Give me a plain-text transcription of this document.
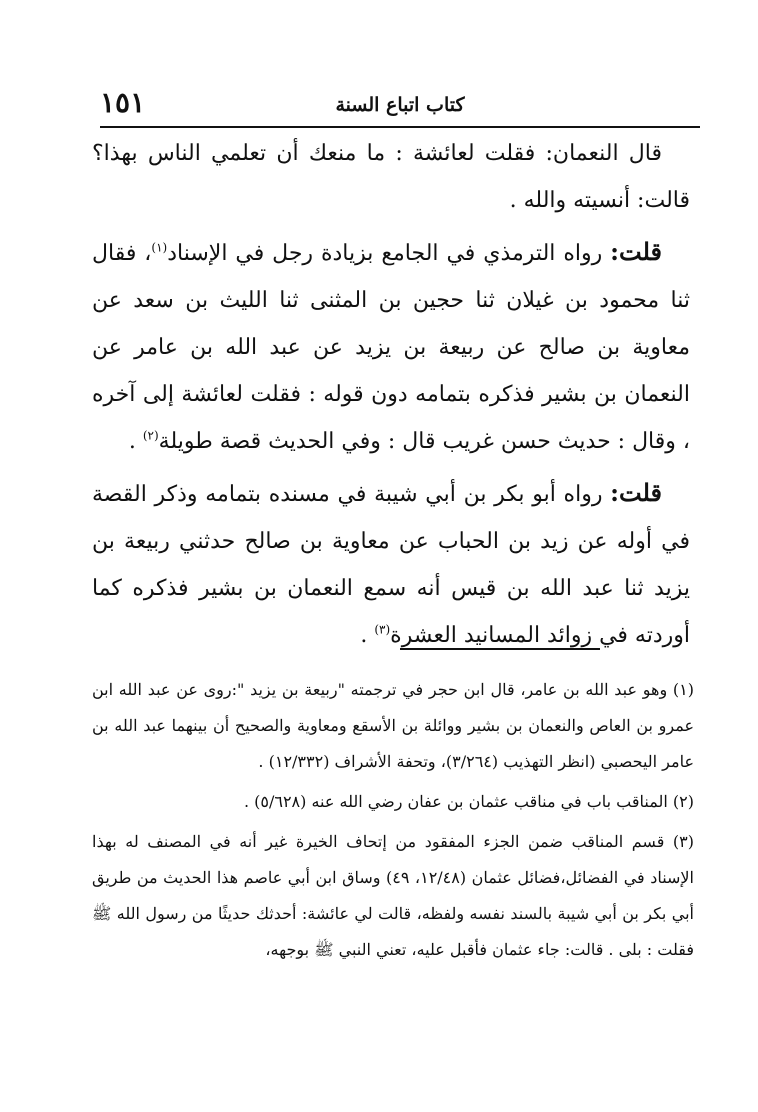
كتاب اتباع السنة
١٥١

قال النعمان: فقلت لعائشة : ما منعك أن تعلمي الناس بهذا؟ قالت: أنسيته والله .

قلت: رواه الترمذي في الجامع بزيادة رجل في الإسناد$^{(١)}$، فقال ثنا محمود بن غيلان ثنا حجين بن المثنى ثنا الليث بن سعد عن معاوية بن صالح عن ربيعة بن يزيد عن عبد الله بن عامر عن النعمان بن بشير فذكره بتمامه دون قوله : فقلت لعائشة إلى آخره ، وقال : حديث حسن غريب قال : وفي الحديث قصة طويلة$^{(٢)}$ .

قلت: رواه أبو بكر بن أبي شيبة في مسنده بتمامه وذكر القصة في أوله عن زيد بن الحباب عن معاوية بن صالح حدثني ربيعة بن يزيد ثنا عبد الله بن قيس أنه سمع النعمان بن بشير فذكره كما أوردته في زوائد المسانيد العشرة$^{(٣)}$ .

(١) وهو عبد الله بن عامر، قال ابن حجر في ترجمته "ربيعة بن يزيد ":روى عن عبد الله ابن عمرو بن العاص والنعمان بن بشير ووائلة بن الأسقع ومعاوية والصحيح أن بينهما عبد الله بن عامر اليحصبي (انظر التهذيب (٣/٢٦٤)، وتحفة الأشراف (١٢/٣٣٢) .
(٢) المناقب باب في مناقب عثمان بن عفان رضي الله عنه (٥/٦٢٨) .
(٣) قسم المناقب ضمن الجزء المفقود من إتحاف الخيرة غير أنه في المصنف له بهذا الإسناد في الفضائل،فضائل عثمان (١٢/٤٨، ٤٩) وساق ابن أبي عاصم هذا الحديث من طريق أبي بكر بن أبي شيبة بالسند نفسه ولفظه، قالت لي عائشة: أحدثك حديثًا من رسول الله ﷺ فقلت : بلى . قالت: جاء عثمان فأقبل عليه، تعني النبي ﷺ بوجهه،
